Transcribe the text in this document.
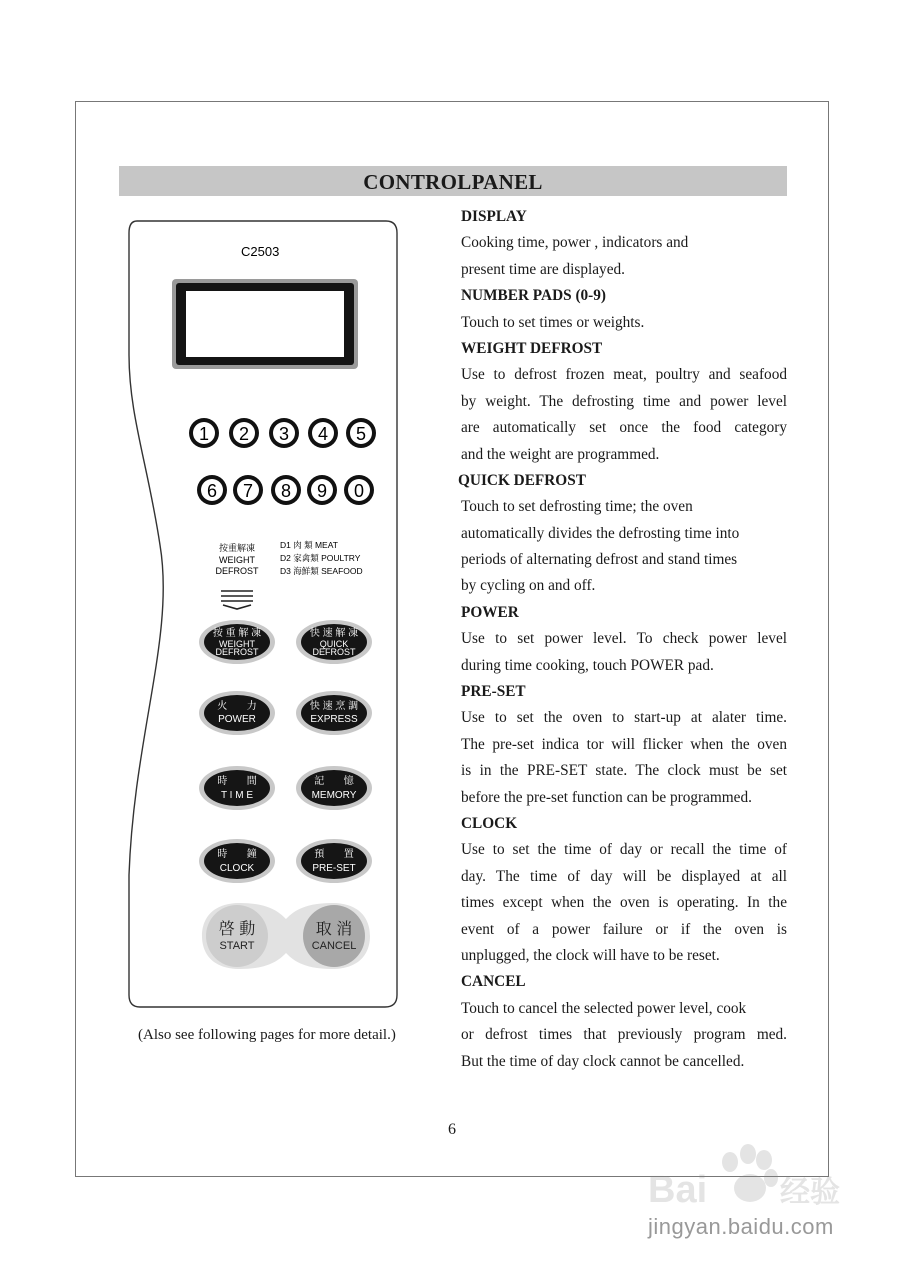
CONTROLPANEL
C2503
1 2 3 4 5
6 7 8 9 0
按重解凍
WEIGHT
DEFROST
D1 肉 類 MEAT
D2 家禽類 POULTRY
D3 海鮮類 SEAFOOD
按 重 解 凍
WEIGHT
DEFROST
快 速 解 凍
QUICK
DEFROST
火       力
POWER
快 速 烹 調
EXPRESS
時       間
T I M E
記       憶
MEMORY
時       鐘
CLOCK
預       置
PRE-SET
啓 動
START
取 消
CANCEL
(Also see following pages for more detail.)
DISPLAY
Cooking time, power , indicators and
present time are displayed.
NUMBER PADS (0-9)
Touch to set times or weights.
WEIGHT DEFROST
Use to defrost frozen meat, poultry and seafood
by weight. The defrosting time and power level
are automatically set once the food category
and the weight are programmed.
QUICK DEFROST
Touch to set defrosting time; the oven
automatically divides the defrosting time into
periods of alternating defrost and stand times
by cycling on and off.
POWER
Use to set power level. To check power level
during time cooking, touch POWER pad.
PRE-SET
Use to set the oven to start-up at alater time.
The pre-set indica tor will flicker when the oven
is in the PRE-SET state. The clock must be set
before the pre-set function can be programmed.
CLOCK
Use to set the time of day or recall the time of
day. The time of day will be displayed at all
times except when the oven is operating. In the
event of a power failure or if the oven is
unplugged, the clock will have to be reset.
CANCEL
Touch to cancel the selected power level, cook
or defrost times that previously program med.
But the time of day clock cannot be cancelled.
6
Bai 经验
jingyan.baidu.com
